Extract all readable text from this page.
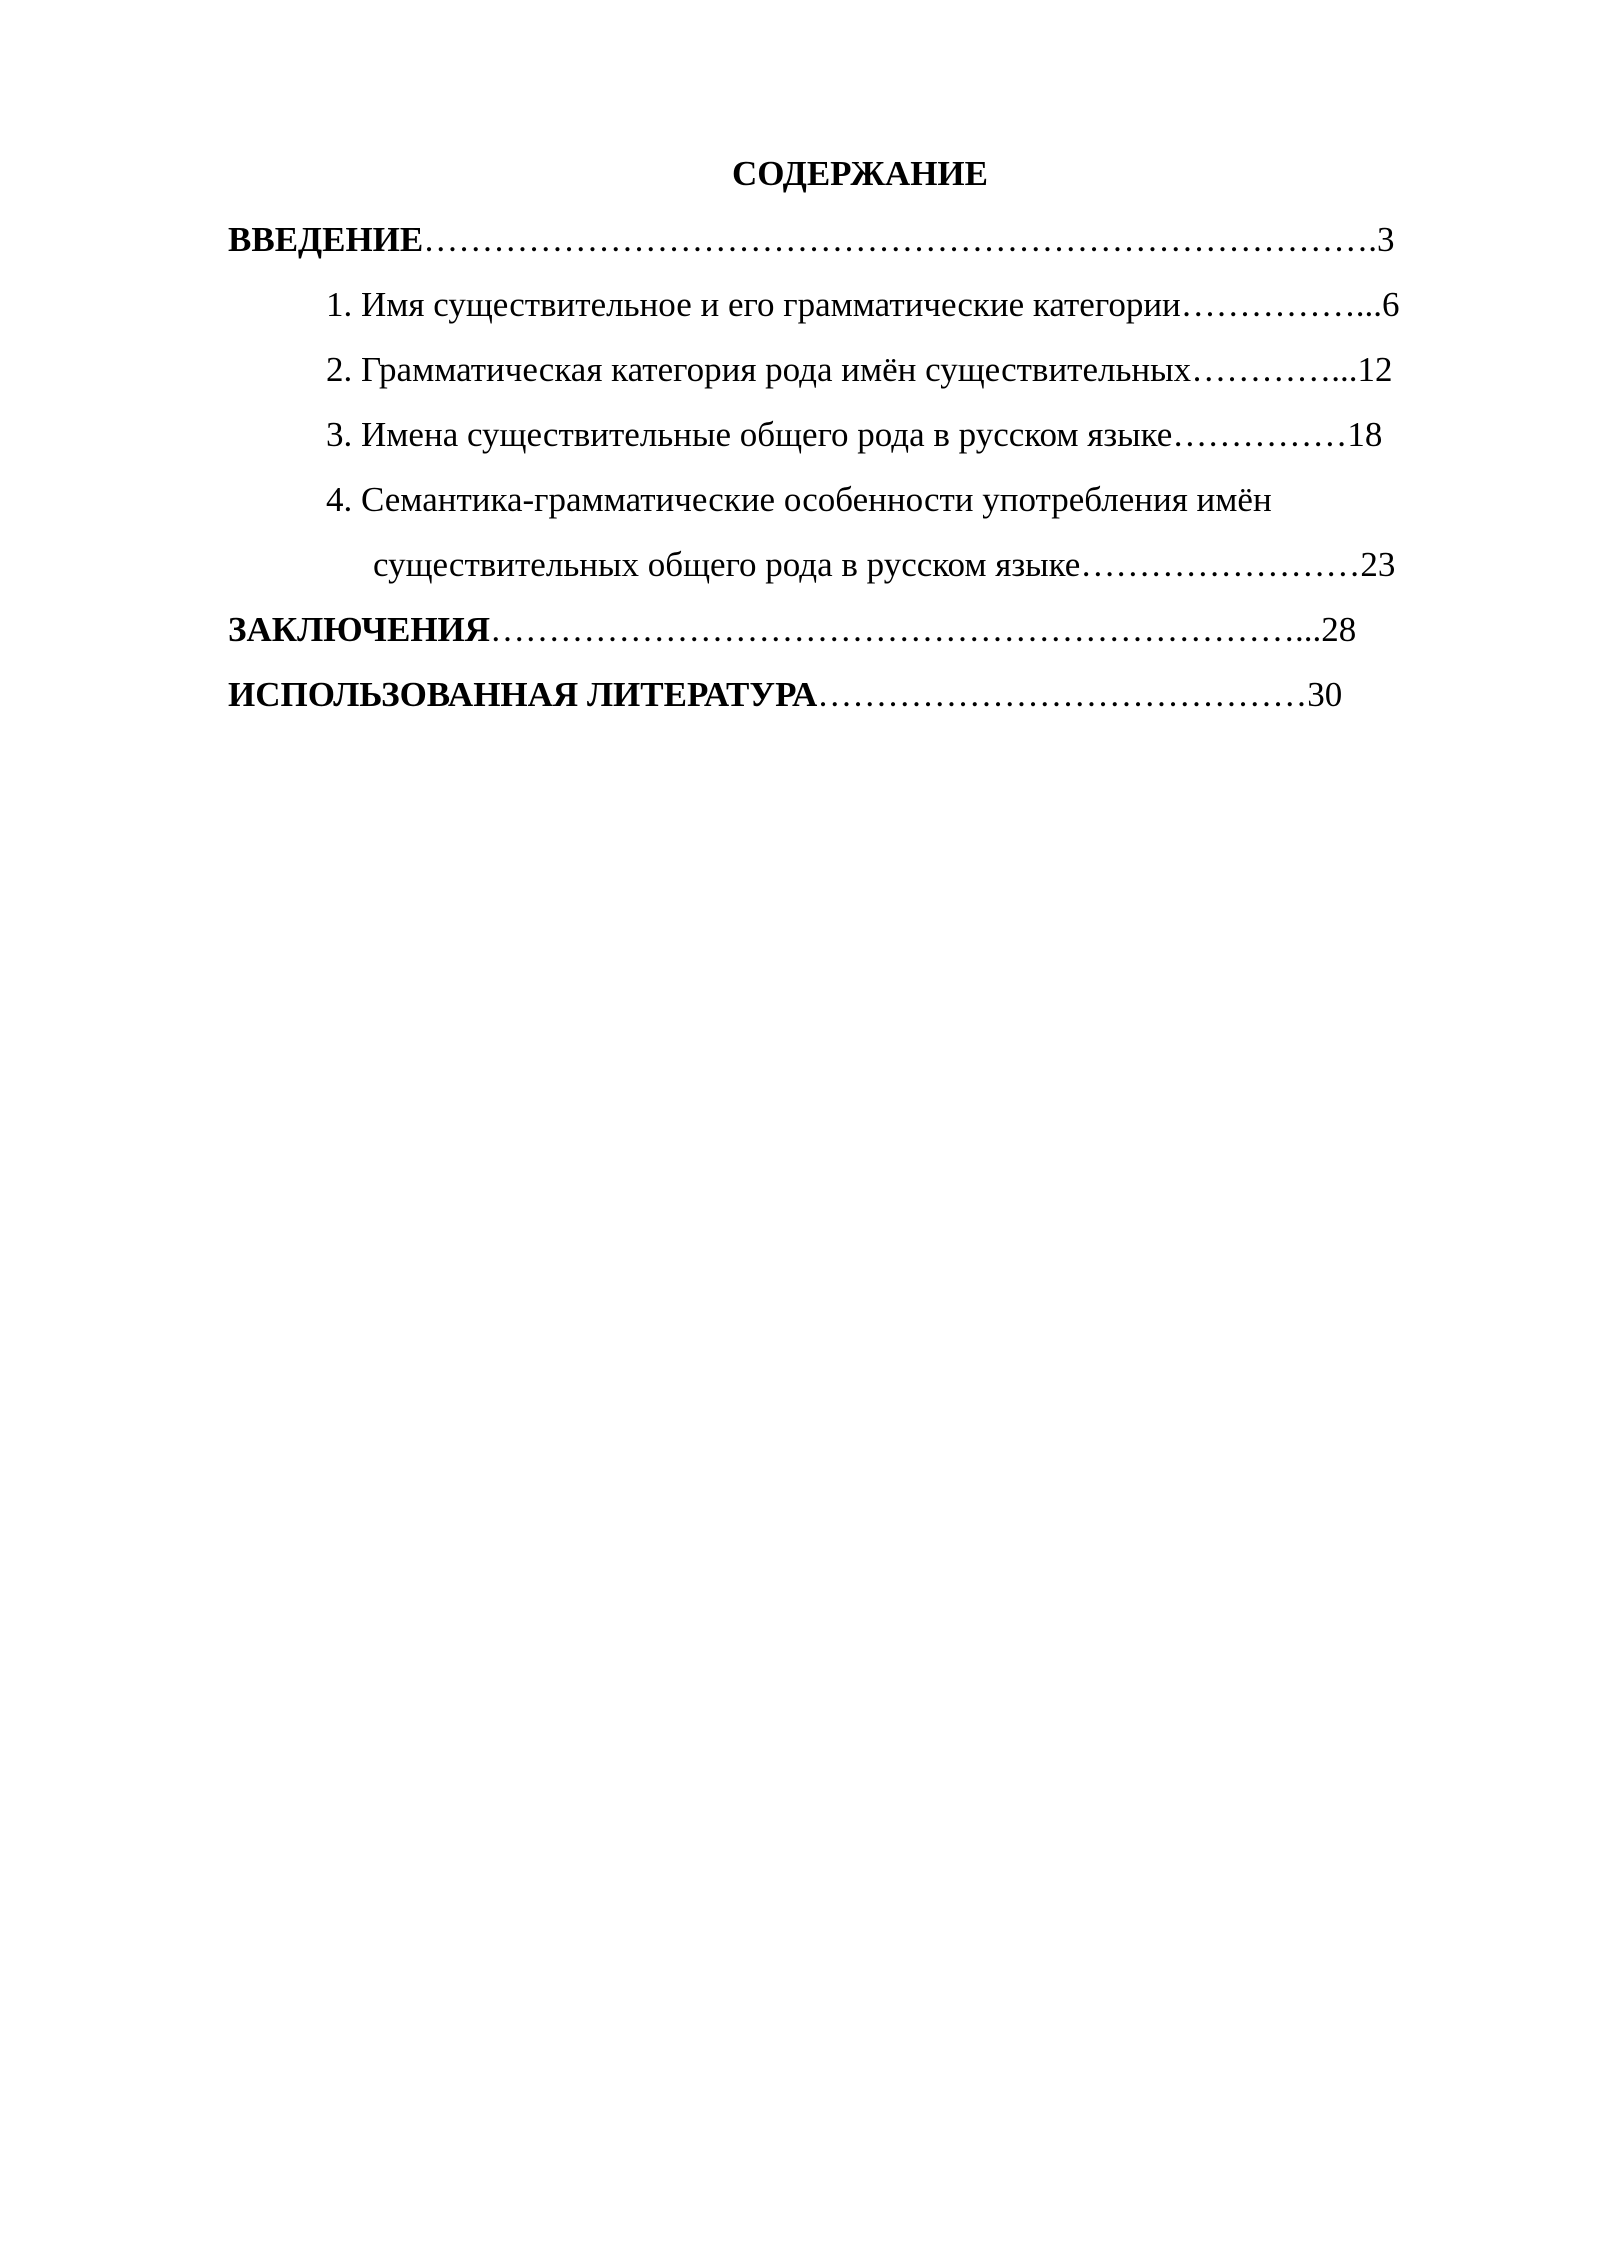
СОДЕРЖАНИЕ
ВВЕДЕНИЕ……………………………………………………………………….3
1. Имя существительное и его грамматические категории……………...6
2. Грамматическая категория рода имён существительных…………...12
3. Имена существительные общего рода в русском языке……………18
4. Семантика-грамматические особенности употребления имён
существительных общего рода в русском языке……………………23
ЗАКЛЮЧЕНИЯ……………………………………………………………...28
ИСПОЛЬЗОВАННАЯ ЛИТЕРАТУРА……………………………………30
